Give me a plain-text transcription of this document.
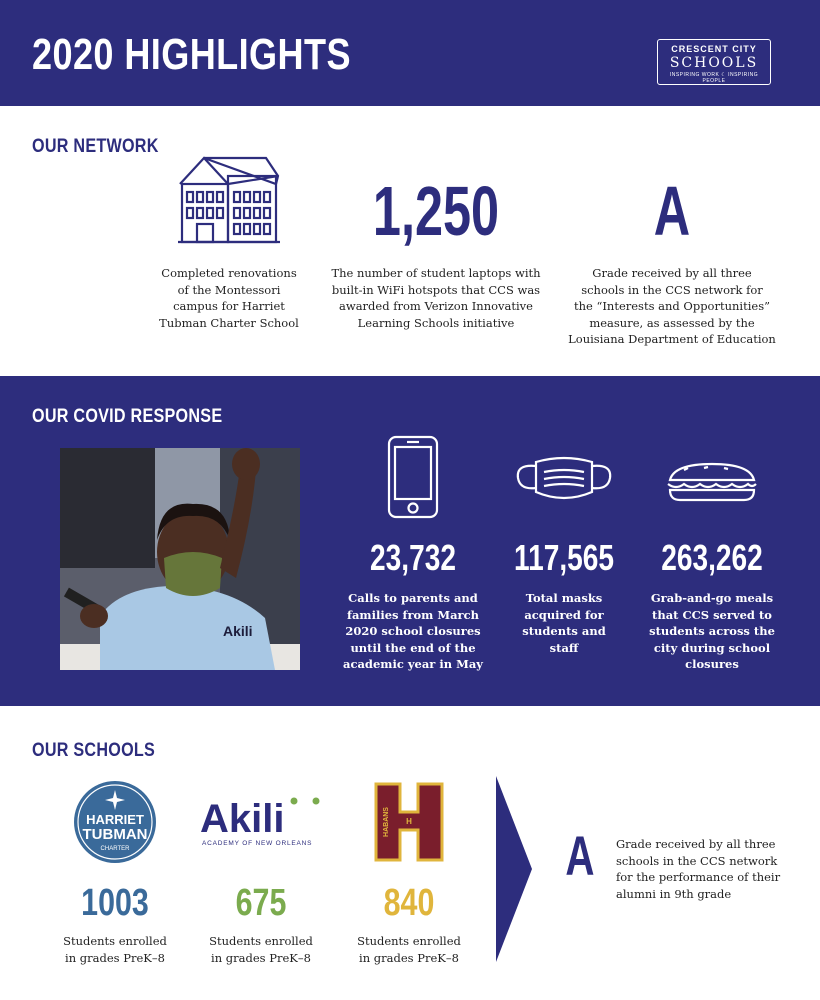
2020 HIGHLIGHTS	CRESCENT CITY
SCHOOLS
INSPIRING WORK ☾ INSPIRING PEOPLE
OUR NETWORK
Completed renovations
of the Montessori
campus for Harriet
Tubman Charter School
1,250
The number of student laptops with
built-in WiFi hotspots that CCS was
awarded from Verizon Innovative
Learning Schools initiative
A
Grade received by all three
schools in the CCS network for
the “Interests and Opportunities”
measure, as assessed by the
Louisiana Department of Education
OUR COVID RESPONSE
Akili
23,732 117,565 263,262
Calls to parents and
families from March
2020 school closures
until the end of the
academic year in May
Total masks
acquired for
students and
staff
Grab-and-go meals
that CCS served to
students across the
city during school
closures
OUR SCHOOLS
HARRIET
TUBMAN
CHARTER
Akili
ACADEMY OF NEW ORLEANS
HABANS H
1003	675	840
Students enrolled
in grades PreK–8
Students enrolled
in grades PreK–8
Students enrolled
in grades PreK–8
A	Grade received by all three
schools in the CCS network
for the performance of their
alumni in 9th grade
